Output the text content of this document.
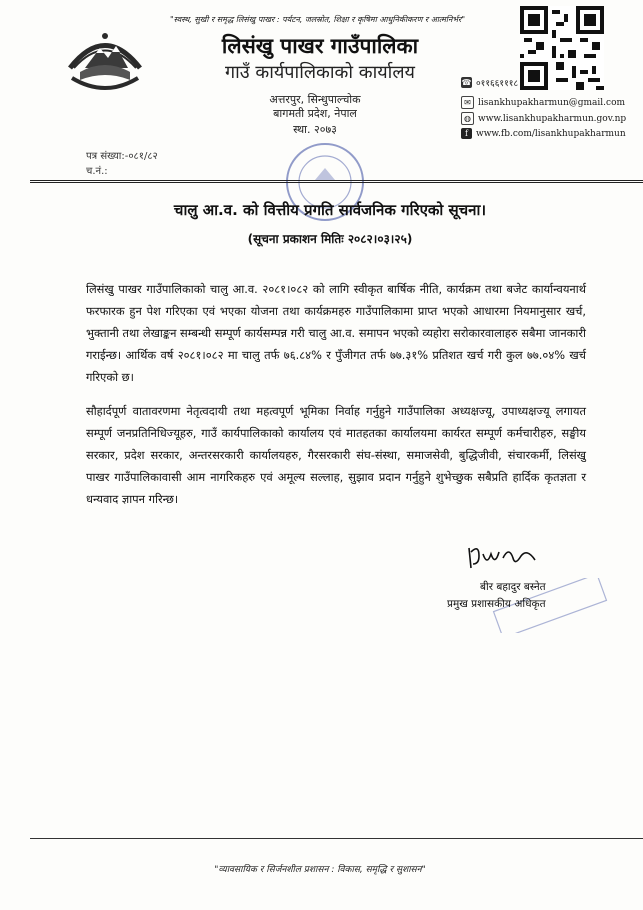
"स्वस्थ, सुखी र समृद्ध लिसंखु पाखर : पर्यटन, जलस्रोत, शिक्षा र कृषिमा आधुनिकीकरण र आत्मनिर्भर"
लिसंखु पाखर गाउँपालिका
गाउँ कार्यपालिकाको कार्यालय
अत्तरपुर, सिन्धुपाल्चोक
बागमती प्रदेश, नेपाल
स्था. २०७३
☎ ०११६६१११८
✉ lisankhupakharmun@gmail.com
◍ www.lisankhupakharmun.gov.np
f www.fb.com/lisankhupakharmun
पत्र संख्या:-०८१/८२
च.नं.:
चालु आ.व. को वित्तीय प्रगति सार्वजनिक गरिएको सूचना।
(सूचना प्रकाशन मितिः २०८२।०३।२५)
लिसंखु पाखर गाउँपालिकाको चालु आ.व. २०८१।०८२ को लागि स्वीकृत बार्षिक नीति, कार्यक्रम तथा बजेट कार्यान्वयनार्थ फरफारक हुन पेश गरिएका एवं भएका योजना तथा कार्यक्रमहरु गाउँपालिकामा प्राप्त भएको आधारमा नियमानुसार खर्च, भुक्तानी तथा लेखाङ्कन सम्बन्धी सम्पूर्ण कार्यसम्पन्न गरी चालु आ.व. समापन भएको व्यहोरा सरोकारवालाहरु सबैमा जानकारी गराईन्छ। आर्थिक वर्ष २०८१।०८२ मा चालु तर्फ ७६.८४% र पुँजीगत तर्फ ७७.३१% प्रतिशत खर्च गरी कुल ७७.०४% खर्च गरिएको छ।
सौहार्दपूर्ण वातावरणमा नेतृत्वदायी तथा महत्वपूर्ण भूमिका निर्वाह गर्नुहुने गाउँपालिका अध्यक्षज्यू, उपाध्यक्षज्यू लगायत सम्पूर्ण जनप्रतिनिधिज्यूहरु, गाउँ कार्यपालिकाको कार्यालय एवं मातहतका कार्यालयमा कार्यरत सम्पूर्ण कर्मचारीहरु, सङ्घीय सरकार, प्रदेश सरकार, अन्तरसरकारी कार्यालयहरु, गैरसरकारी संघ-संस्था, समाजसेवी, बुद्धिजीवी, संचारकर्मी, लिसंखु पाखर गाउँपालिकावासी आम नागरिकहरु एवं अमूल्य सल्लाह, सुझाव प्रदान गर्नुहुने शुभेच्छुक सबैप्रति हार्दिक कृतज्ञता र धन्यवाद ज्ञापन गरिन्छ।
बीर बहादुर बस्नेत
प्रमुख प्रशासकीय अधिकृत
"व्यावसायिक र सिर्जनशील प्रशासन : विकास, समृद्धि र सुशासन"
